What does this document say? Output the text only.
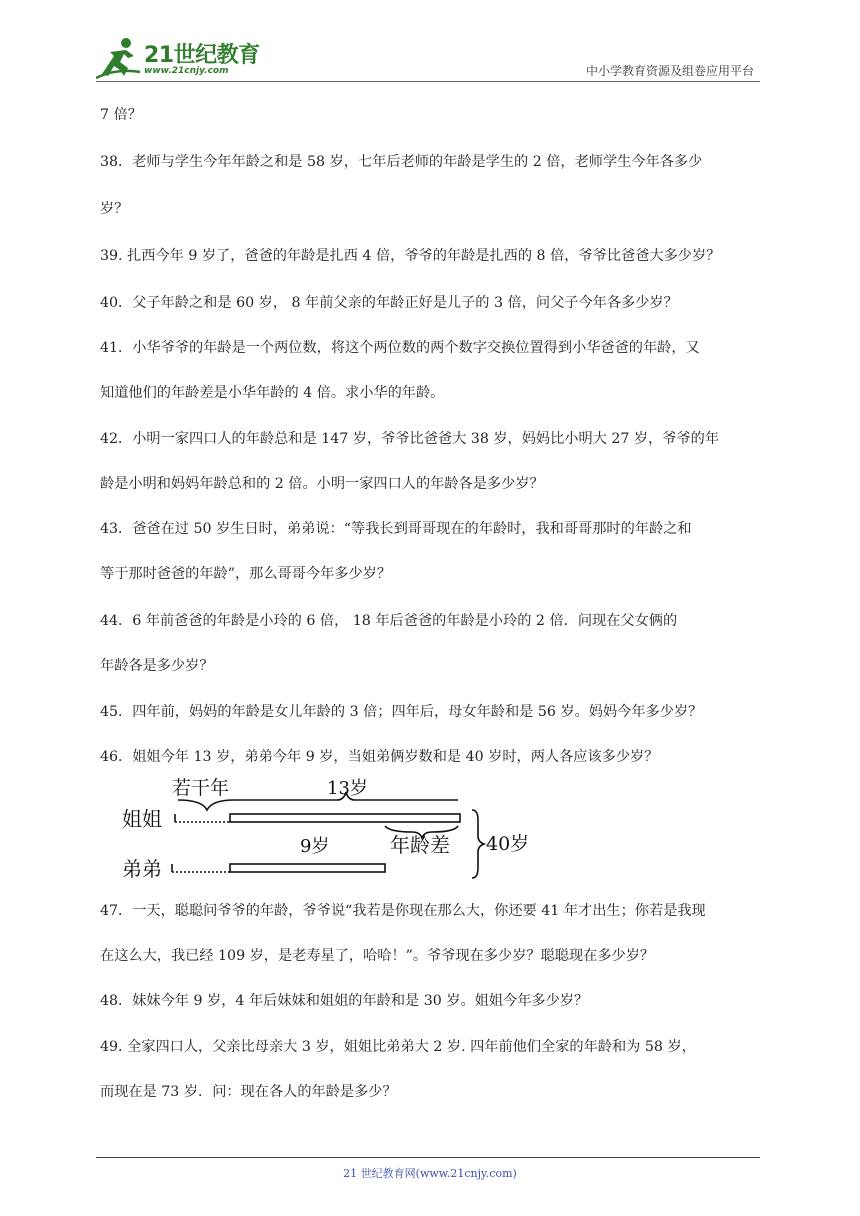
21世纪教育
www.21cnjy.com	中小学教育资源及组卷应用平台
7 倍？
38．老师与学生今年年龄之和是 58 岁，七年后老师的年龄是学生的 2 倍，老师学生今年各多少
岁？
39. 扎西今年 9 岁了，爸爸的年龄是扎西 4 倍，爷爷的年龄是扎西的 8 倍，爷爷比爸爸大多少岁？
40．父子年龄之和是 60 岁， 8 年前父亲的年龄正好是儿子的 3 倍，问父子今年各多少岁？
41．小华爷爷的年龄是一个两位数，将这个两位数的两个数字交换位置得到小华爸爸的年龄，又
知道他们的年龄差是小华年龄的 4 倍。求小华的年龄。
42．小明一家四口人的年龄总和是 147 岁，爷爷比爸爸大 38 岁，妈妈比小明大 27 岁，爷爷的年
龄是小明和妈妈年龄总和的 2 倍。小明一家四口人的年龄各是多少岁？
43．爸爸在过 50 岁生日时，弟弟说：“等我长到哥哥现在的年龄时，我和哥哥那时的年龄之和
等于那时爸爸的年龄”，那么哥哥今年多少岁？
44．6 年前爸爸的年龄是小玲的 6 倍， 18 年后爸爸的年龄是小玲的 2 倍．问现在父女俩的
年龄各是多少岁？
45．四年前，妈妈的年龄是女儿年龄的 3 倍；四年后，母女年龄和是 56 岁。妈妈今年多少岁？
46．姐姐今年 13 岁，弟弟今年 9 岁，当姐弟俩岁数和是 40 岁时，两人各应该多少岁？
47．一天，聪聪问爷爷的年龄，爷爷说“我若是你现在那么大，你还要 41 年才出生；你若是我现
在这么大，我已经 109 岁，是老寿星了，哈哈！”。爷爷现在多少岁？聪聪现在多少岁？
48．妹妹今年 9 岁，4 年后妹妹和姐姐的年龄和是 30 岁。姐姐今年多少岁？
49. 全家四口人，父亲比母亲大 3 岁，姐姐比弟弟大 2 岁. 四年前他们全家的年龄和为 58 岁，
而现在是 73 岁．问：现在各人的年龄是多少？
若干年	13岁
姐姐
弟弟
9岁	年龄差 40岁
21 世纪教育网(www.21cnjy.com)
